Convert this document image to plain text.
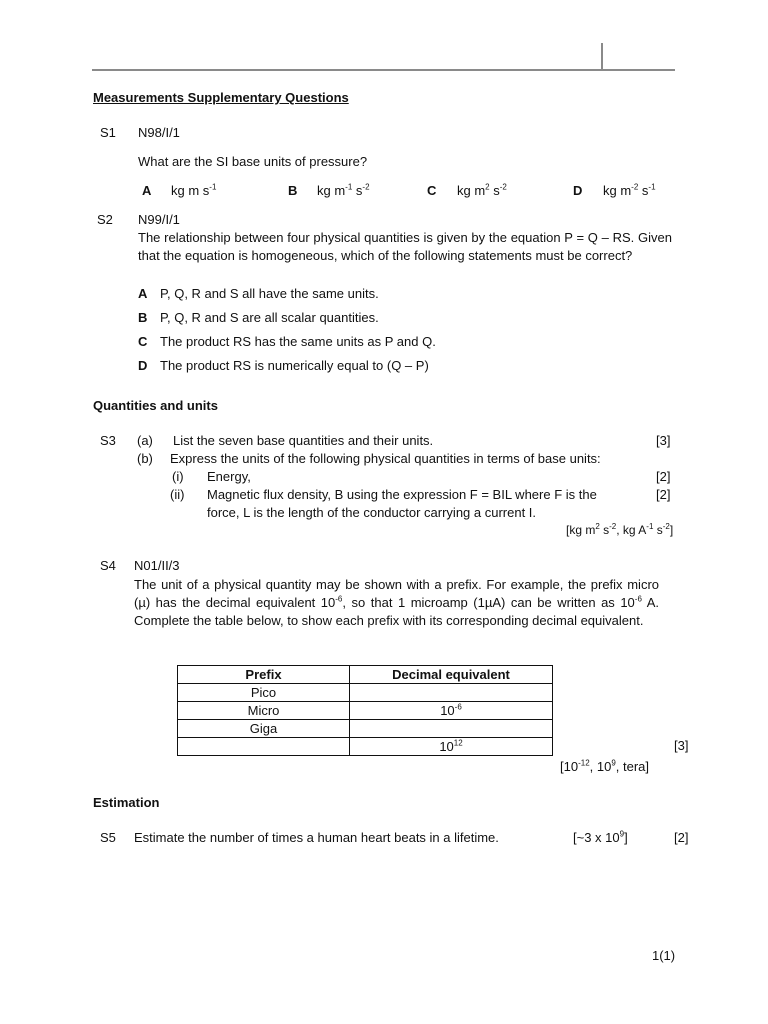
Measurements Supplementary Questions
S1 N98/I/1
What are the SI base units of pressure?
A kg m $s^{-1}$	B kg $m^{-1}$ $s^{-2}$	C kg $m^2$ $s^{-2}$	D kg $m^{-2}$ $s^{-1}$
S2 N99/I/1
The relationship between four physical quantities is given by the equation P = Q – RS. Given that the equation is homogeneous, which of the following statements must be correct?
A P, Q, R and S all have the same units.
B P, Q, R and S are all scalar quantities.
C The product RS has the same units as P and Q.
D The product RS is numerically equal to (Q – P)
Quantities and units
S3 (a) List the seven base quantities and their units.	[3]
(b) Express the units of the following physical quantities in terms of base units:
(i) Energy,	[2]
(ii) Magnetic flux density, B using the expression F = BIL where F is the	[2]
force, L is the length of the conductor carrying a current I.
[kg $m^2$ $s^{-2}$, kg $A^{-1}$ $s^{-2}$]
S4 N01/II/3
The unit of a physical quantity may be shown with a prefix. For example, the prefix micro (µ) has the decimal equivalent $10^{-6}$, so that 1 microamp (1µA) can be written as $10^{-6}$ A. Complete the table below, to show each prefix with its corresponding decimal equivalent.
Prefix	Decimal equivalent
Pico	
Micro	$10^{-6}$
Giga	
	$10^{12}$	[3]
[$10^{-12}$, $10^9$, tera]
Estimation
S5 Estimate the number of times a human heart beats in a lifetime.	[~3 x $10^9$]	[2]
1(1)
